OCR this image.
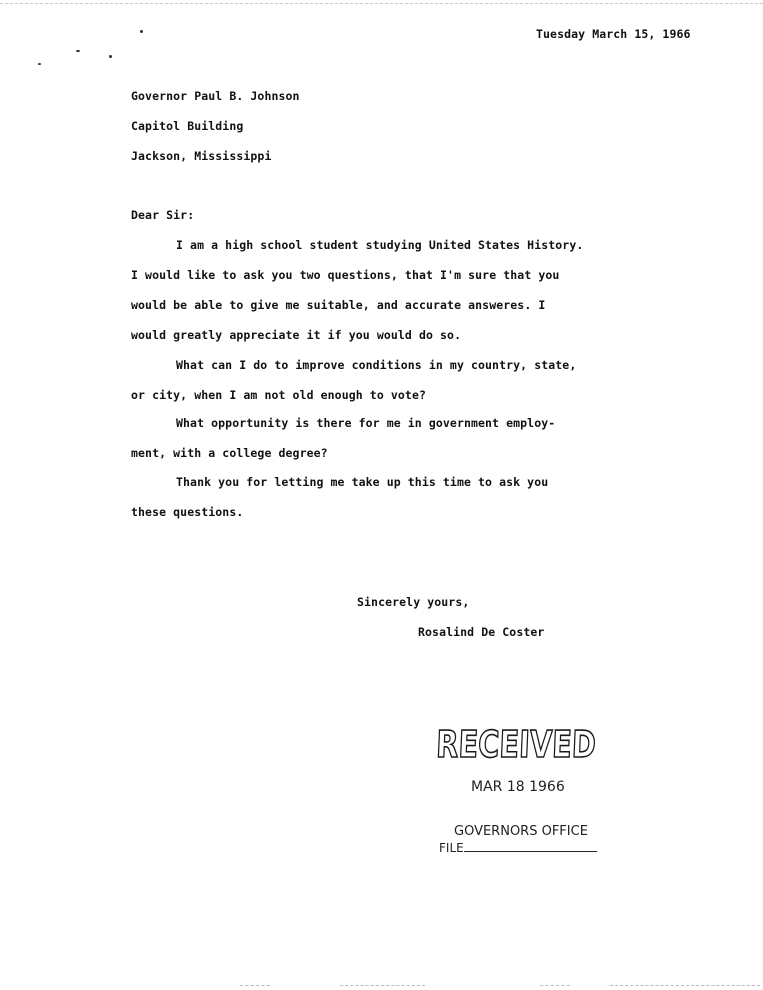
Tuesday March 15, 1966
Governor Paul B. Johnson
Capitol Building
Jackson, Mississippi
Dear Sir:
I am a high school student studying United States History.
I would like to ask you two questions, that I'm sure that you
would be able to give me suitable, and accurate answeres. I
would greatly appreciate it if you would do so.
What can I do to improve conditions in my country, state,
or city, when I am not old enough to vote?
What opportunity is there for me in government employ-
ment, with a college degree?
Thank you for letting me take up this time to ask you
these questions.
Sincerely yours,
Rosalind De Coster
RECEIVED
MAR 18 1966
GOVERNORS OFFICE
FILE
